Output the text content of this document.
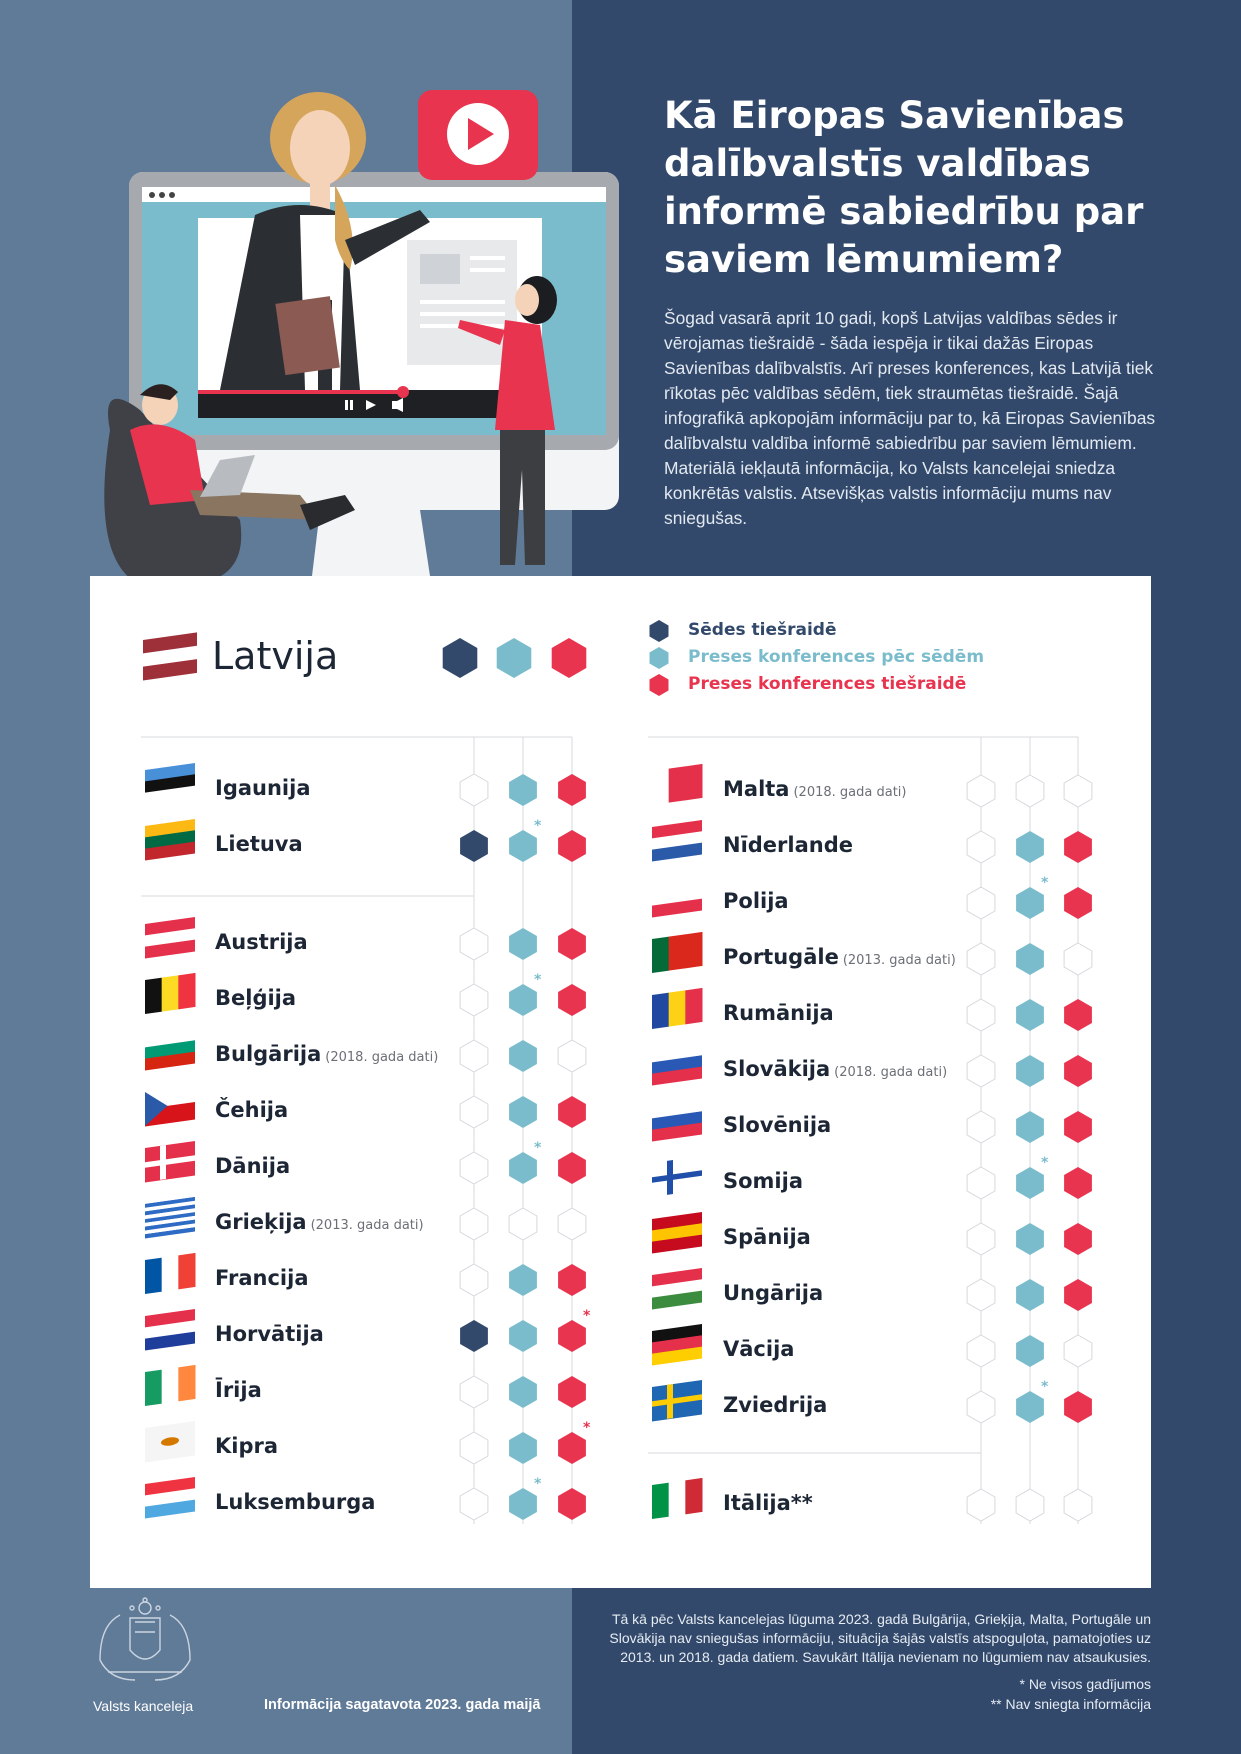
Kā Eiropas Savienības
dalībvalstīs valdības
informē sabiedrību par
saviem lēmumiem?
Šogad vasarā aprit 10 gadi, kopš Latvijas valdības sēdes ir vērojamas tiešraidē - šāda iespēja ir tikai dažās Eiropas Savienības dalībvalstīs. Arī preses konferences, kas Latvijā tiek rīkotas pēc valdības sēdēm, tiek straumētas tiešraidē. Šajā infografikā apkopojām informāciju par to, kā Eiropas Savienības dalībvalstu valdība informē sabiedrību par saviem lēmumiem. Materiālā iekļautā informācija, ko Valsts kancelejai sniedza konkrētās valstis. Atsevišķas valstis informāciju mums nav sniegušas.
Latvija
Sēdes tiešraidē
Preses konferences pēc sēdēm
Preses konferences tiešraidē
Igaunija
Lietuva
*
Austrija
Beļģija
*
Bulgārija (2018. gada dati)
Čehija
Dānija
*
Grieķija (2013. gada dati)
Francija
Horvātija
*
Īrija
Kipra
*
Luksemburga
*
Malta (2018. gada dati)
Nīderlande
Polija
*
Portugāle (2013. gada dati)
Rumānija
Slovākija (2018. gada dati)
Slovēnija
Somija
*
Spānija
Ungārija
Vācija
Zviedrija
*
Itālija**
Valsts kanceleja	Informācija sagatavota 2023. gada maijā
Tā kā pēc Valsts kancelejas lūguma 2023. gadā Bulgārija, Grieķija, Malta, Portugāle un Slovākija nav sniegušas informāciju, situācija šajās valstīs atspoguļota, pamatojoties uz 2013. un 2018. gada datiem. Savukārt Itālija nevienam no lūgumiem nav atsaukusies.
* Ne visos gadījumos
** Nav sniegta informācija
